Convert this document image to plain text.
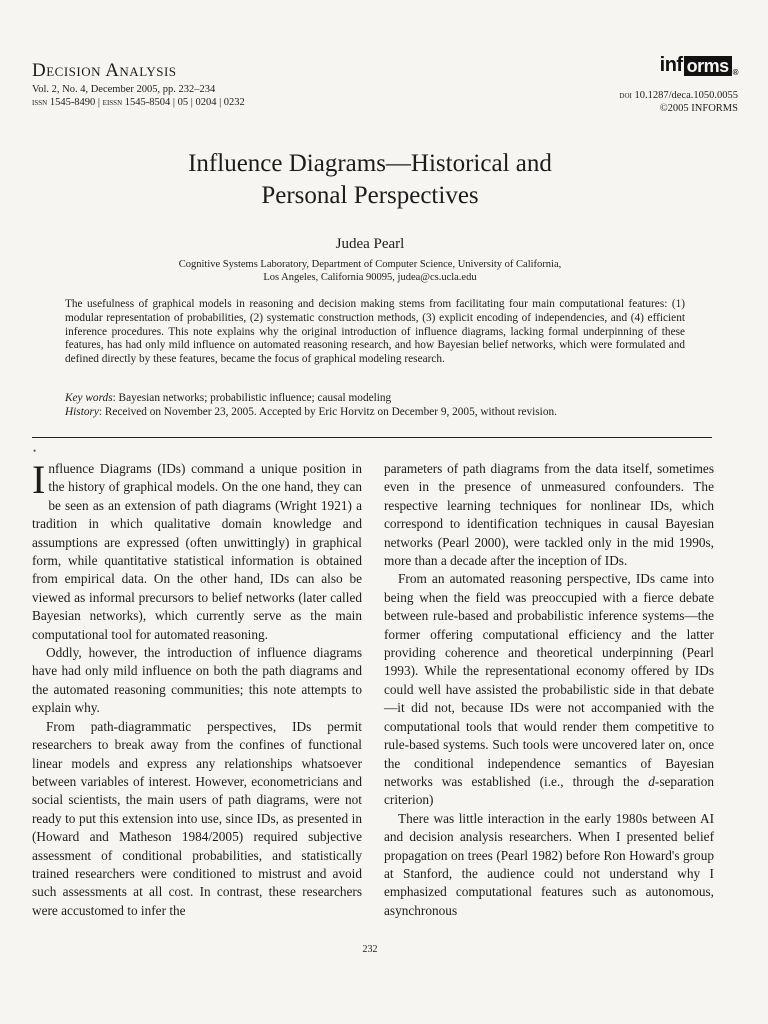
Decision Analysis
Vol. 2, No. 4, December 2005, pp. 232–234
issn 1545-8490 | eissn 1545-8504 | 05 | 0204 | 0232
inf orms ®
doi 10.1287/deca.1050.0055
©2005 INFORMS
Influence Diagrams—Historical and
Personal Perspectives
Judea Pearl
Cognitive Systems Laboratory, Department of Computer Science, University of California,
Los Angeles, California 90095, judea@cs.ucla.edu
The usefulness of graphical models in reasoning and decision making stems from facilitating four main computational features: (1) modular representation of probabilities, (2) systematic construction methods, (3) explicit encoding of independencies, and (4) efficient inference procedures. This note explains why the original introduction of influence diagrams, lacking formal underpinning of these features, has had only mild influence on automated reasoning research, and how Bayesian belief networks, which were formulated and defined directly by these features, became the focus of graphical modeling research.
Key words: Bayesian networks; probabilistic influence; causal modeling
History: Received on November 23, 2005. Accepted by Eric Horvitz on December 9, 2005, without revision.
•

Influence Diagrams (IDs) command a unique position in the history of graphical models. On the one hand, they can be seen as an extension of path diagrams (Wright 1921) a tradition in which qualitative domain knowledge and assumptions are expressed (often unwittingly) in graphical form, while quantitative statistical information is obtained from empirical data. On the other hand, IDs can also be viewed as informal precursors to belief networks (later called Bayesian networks), which currently serve as the main computational tool for automated reasoning.

Oddly, however, the introduction of influence diagrams have had only mild influence on both the path diagrams and the automated reasoning communities; this note attempts to explain why.

From path-diagrammatic perspectives, IDs permit researchers to break away from the confines of functional linear models and express any relationships whatsoever between variables of interest. However, econometricians and social scientists, the main users of path diagrams, were not ready to put this extension into use, since IDs, as presented in (Howard and Matheson 1984/2005) required subjective assessment of conditional probabilities, and statistically trained researchers were conditioned to mistrust and avoid such assessments at all cost. In contrast, these researchers were accustomed to infer the

parameters of path diagrams from the data itself, sometimes even in the presence of unmeasured confounders. The respective learning techniques for nonlinear IDs, which correspond to identification techniques in causal Bayesian networks (Pearl 2000), were tackled only in the mid 1990s, more than a decade after the inception of IDs.

From an automated reasoning perspective, IDs came into being when the field was preoccupied with a fierce debate between rule-based and probabilistic inference systems—the former offering computational efficiency and the latter providing coherence and theoretical underpinning (Pearl 1993). While the representational economy offered by IDs could well have assisted the probabilistic side in that debate—it did not, because IDs were not accompanied with the computational tools that would render them competitive to rule-based systems. Such tools were uncovered later on, once the conditional independence semantics of Bayesian networks was established (i.e., through the d-separation criterion)

There was little interaction in the early 1980s between AI and decision analysis researchers. When I presented belief propagation on trees (Pearl 1982) before Ron Howard's group at Stanford, the audience could not understand why I emphasized computational features such as autonomous, asynchronous

232
